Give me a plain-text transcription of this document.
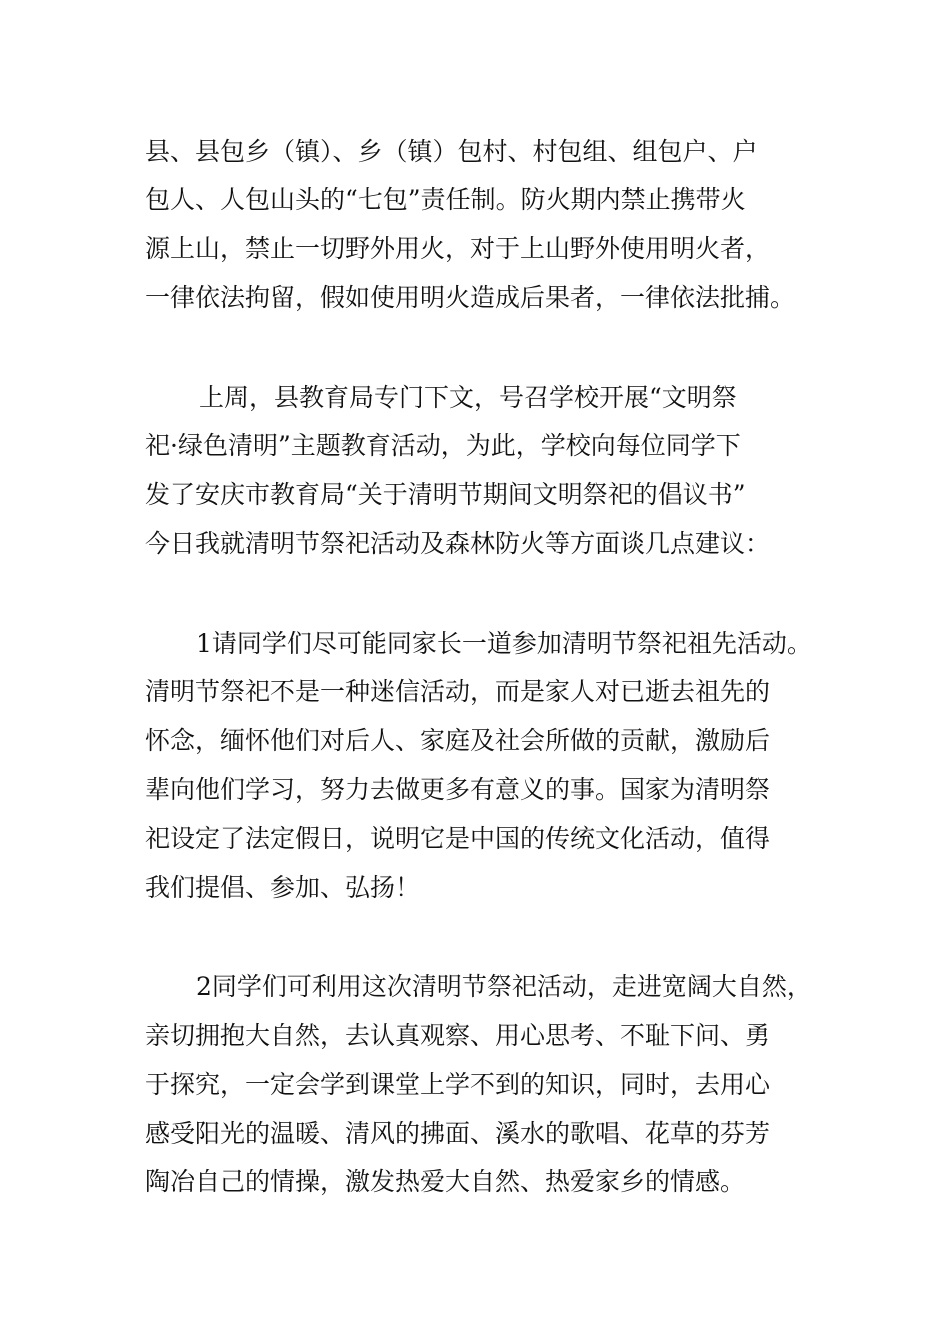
县、县包乡（镇）、乡（镇）包村、村包组、组包户、户
包人、人包山头的“七包”责任制。防火期内禁止携带火
源上山，禁止一切野外用火，对于上山野外使用明火者，
一律依法拘留，假如使用明火造成后果者，一律依法批捕。
上周，县教育局专门下文，号召学校开展“文明祭
祀·绿色清明”主题教育活动，为此，学校向每位同学下
发了安庆市教育局“关于清明节期间文明祭祀的倡议书”
今日我就清明节祭祀活动及森林防火等方面谈几点建议：
1请同学们尽可能同家长一道参加清明节祭祀祖先活动。
清明节祭祀不是一种迷信活动，而是家人对已逝去祖先的
怀念，缅怀他们对后人、家庭及社会所做的贡献，激励后
辈向他们学习，努力去做更多有意义的事。国家为清明祭
祀设定了法定假日，说明它是中国的传统文化活动，值得
我们提倡、参加、弘扬！
2同学们可利用这次清明节祭祀活动，走进宽阔大自然，
亲切拥抱大自然，去认真观察、用心思考、不耻下问、勇
于探究，一定会学到课堂上学不到的知识，同时，去用心
感受阳光的温暖、清风的拂面、溪水的歌唱、花草的芬芳
陶冶自己的情操，激发热爱大自然、热爱家乡的情感。
